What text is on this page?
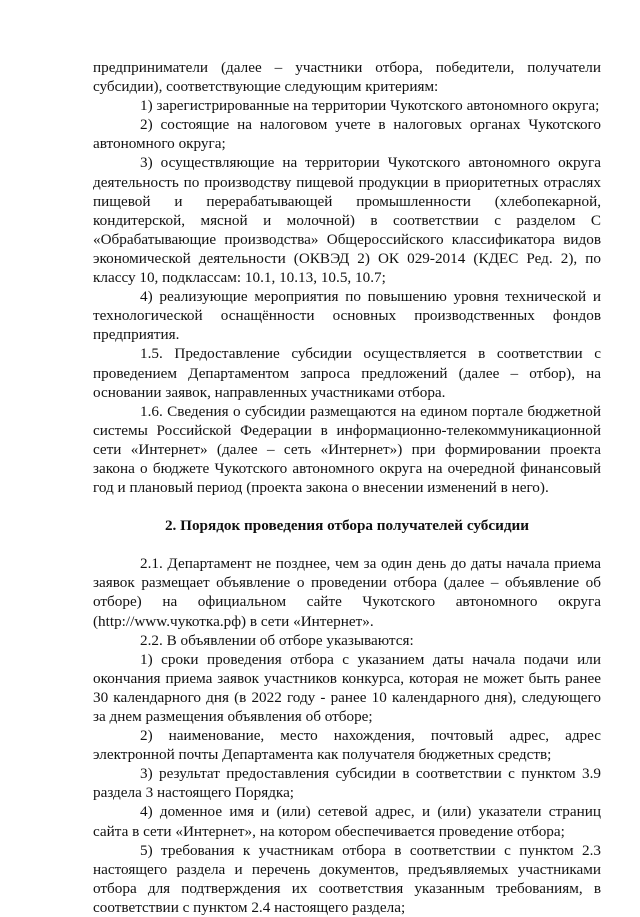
предприниматели (далее – участники отбора, победители, получатели субсидии), соответствующие следующим критериям:

1) зарегистрированные на территории Чукотского автономного округа;

2) состоящие на налоговом учете в налоговых органах Чукотского автономного округа;

3) осуществляющие на территории Чукотского автономного округа деятельность по производству пищевой продукции в приоритетных отраслях пищевой и перерабатывающей промышленности (хлебопекарной, кондитерской, мясной и молочной) в соответствии с разделом С «Обрабатывающие производства» Общероссийского классификатора видов экономической деятельности (ОКВЭД 2) ОК 029-2014 (КДЕС Ред. 2), по классу 10, подклассам: 10.1, 10.13, 10.5, 10.7;

4) реализующие мероприятия по повышению уровня технической и технологической оснащённости основных производственных фондов предприятия.

1.5. Предоставление субсидии осуществляется в соответствии с проведением Департаментом запроса предложений (далее – отбор), на основании заявок, направленных участниками отбора.

1.6. Сведения о субсидии размещаются на едином портале бюджетной системы Российской Федерации в информационно-телекоммуникационной сети «Интернет» (далее – сеть «Интернет») при формировании проекта закона о бюджете Чукотского автономного округа на очередной финансовый год и плановый период (проекта закона о внесении изменений в него).

2. Порядок проведения отбора получателей субсидии

2.1. Департамент не позднее, чем за один день до даты начала приема заявок размещает объявление о проведении отбора (далее – объявление об отборе) на официальном сайте Чукотского автономного округа (http://www.чукотка.рф) в сети «Интернет».

2.2. В объявлении об отборе указываются:

1) сроки проведения отбора с указанием даты начала подачи или окончания приема заявок участников конкурса, которая не может быть ранее 30 календарного дня (в 2022 году - ранее 10 календарного дня), следующего за днем размещения объявления об отборе;

2) наименование, место нахождения, почтовый адрес, адрес электронной почты Департамента как получателя бюджетных средств;

3) результат предоставления субсидии в соответствии с пунктом 3.9 раздела 3 настоящего Порядка;

4) доменное имя и (или) сетевой адрес, и (или) указатели страниц сайта в сети «Интернет», на котором обеспечивается проведение отбора;

5) требования к участникам отбора в соответствии с пунктом 2.3 настоящего раздела и перечень документов, предъявляемых участниками отбора для подтверждения их соответствия указанным требованиям, в соответствии с пунктом 2.4 настоящего раздела;
